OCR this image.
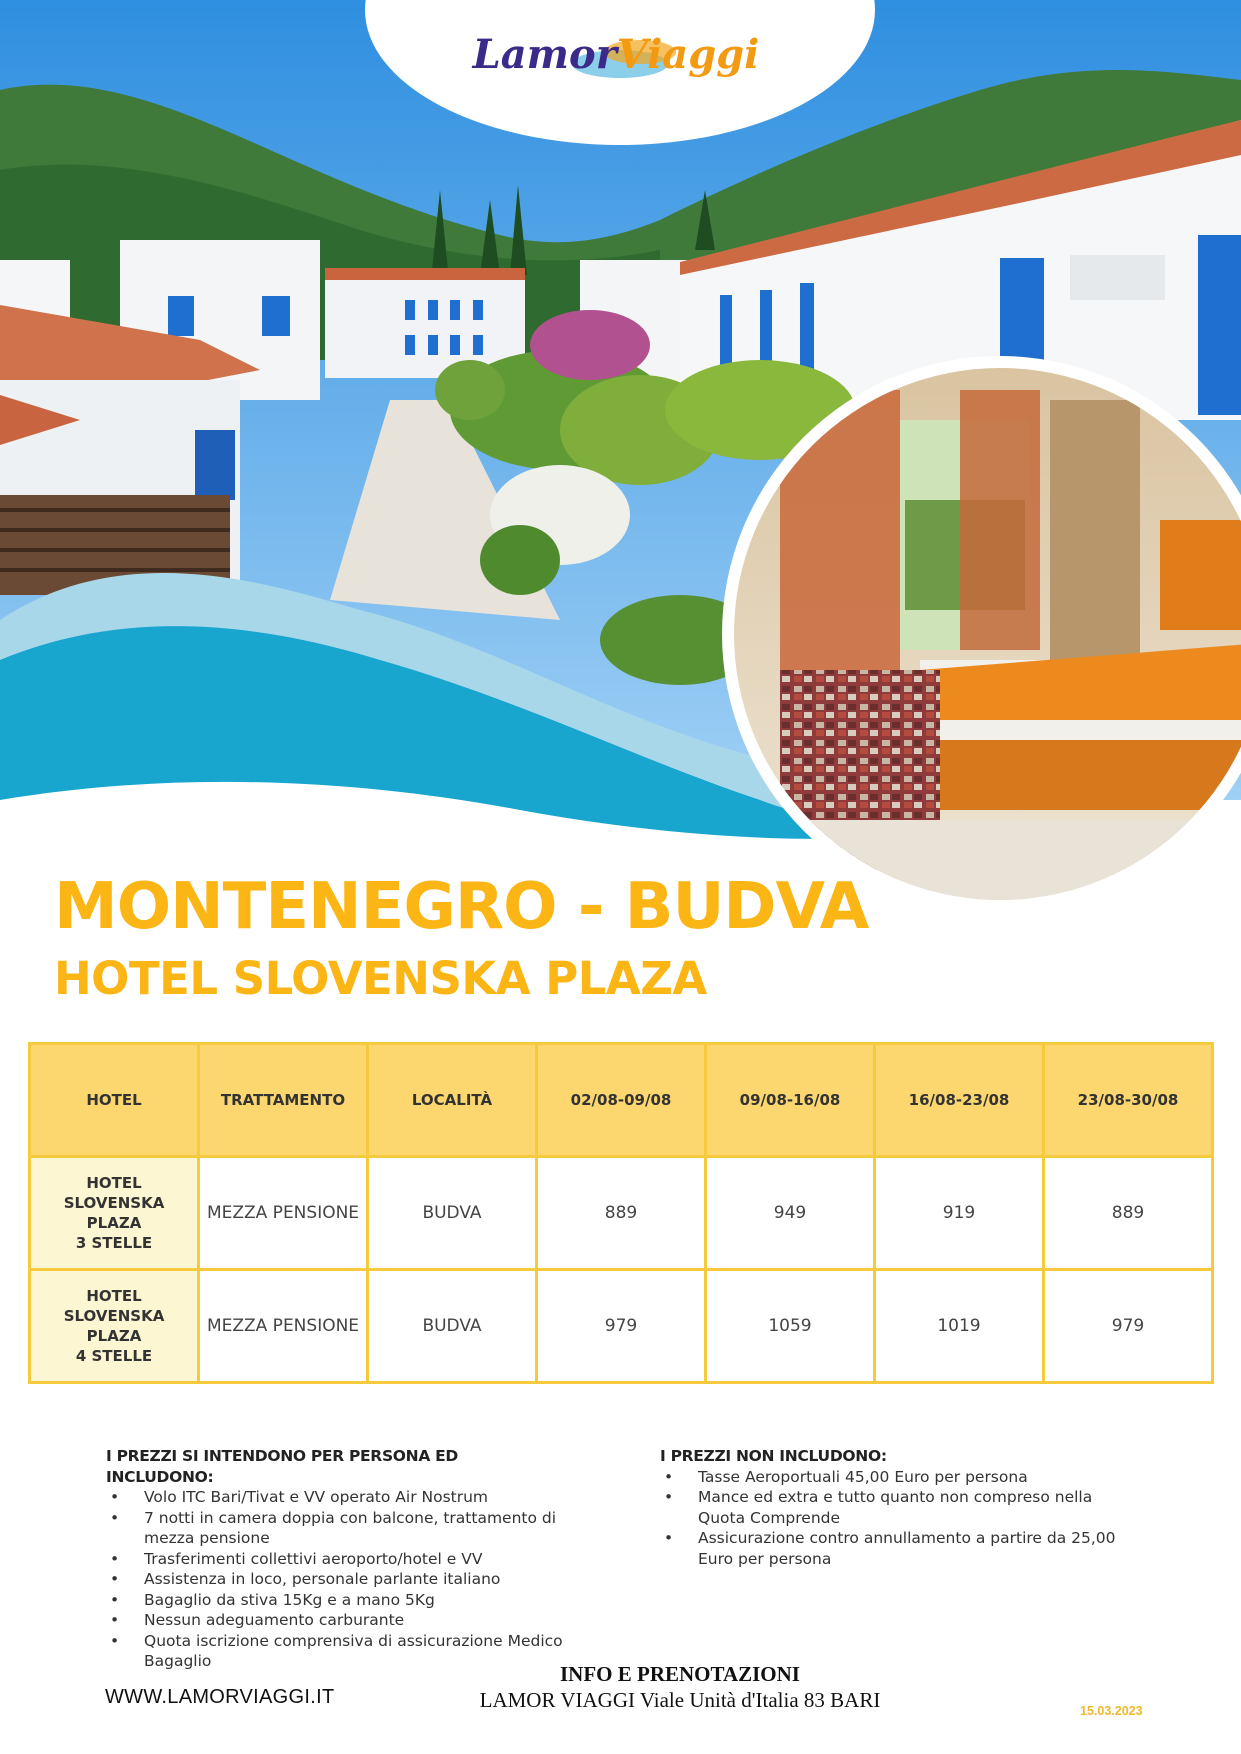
LamorViaggi
MONTENEGRO - BUDVA
HOTEL SLOVENSKA PLAZA
HOTEL	TRATTAMENTO	LOCALITÀ	02/08-09/08	09/08-16/08	16/08-23/08	23/08-30/08

HOTEL
SLOVENSKA
PLAZA
3 STELLE	MEZZA PENSIONE	BUDVA	889	949	919	889

HOTEL
SLOVENSKA
PLAZA
4 STELLE	MEZZA PENSIONE	BUDVA	979	1059	1019	979
I PREZZI SI INTENDONO PER PERSONA ED INCLUDONO:
• Volo ITC Bari/Tivat e VV operato Air Nostrum
• 7 notti in camera doppia con balcone, trattamento di mezza pensione
• Trasferimenti collettivi aeroporto/hotel e VV
• Assistenza in loco, personale parlante italiano
• Bagaglio da stiva 15Kg e a mano 5Kg
• Nessun adeguamento carburante
• Quota iscrizione comprensiva di assicurazione Medico Bagaglio
I PREZZI NON INCLUDONO:
• Tasse Aeroportuali 45,00 Euro per persona
• Mance ed extra e tutto quanto non compreso nella Quota Comprende
• Assicurazione contro annullamento a partire da 25,00 Euro per persona
WWW.LAMORVIAGGI.IT
INFO E PRENOTAZIONI
LAMOR VIAGGI Viale Unità d'Italia 83 BARI	15.03.2023
